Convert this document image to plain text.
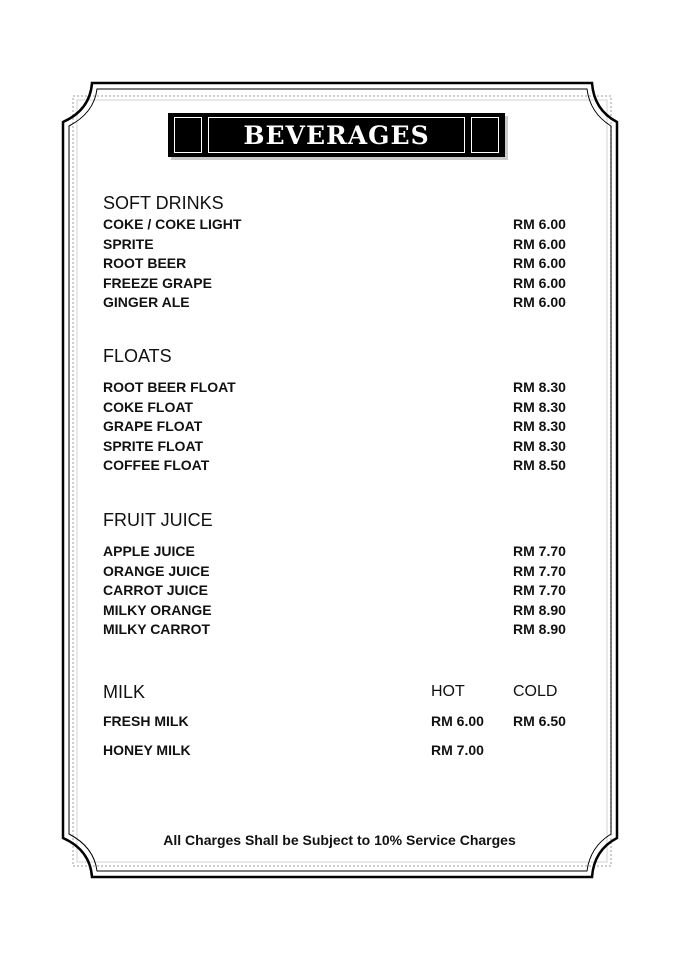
BEVERAGES
SOFT DRINKS
COKE / COKE LIGHT	RM 6.00
SPRITE	RM 6.00
ROOT BEER	RM 6.00
FREEZE GRAPE	RM 6.00
GINGER ALE	RM 6.00
FLOATS
ROOT BEER FLOAT	RM 8.30
COKE FLOAT	RM 8.30
GRAPE FLOAT	RM 8.30
SPRITE FLOAT	RM 8.30
COFFEE FLOAT	RM 8.50
FRUIT JUICE
APPLE JUICE	RM 7.70
ORANGE JUICE	RM 7.70
CARROT JUICE	RM 7.70
MILKY ORANGE	RM 8.90
MILKY CARROT	RM 8.90
MILK	HOT	COLD
FRESH MILK	RM 6.00 RM 6.50
HONEY MILK	RM 7.00
All Charges Shall be Subject to 10% Service Charges
